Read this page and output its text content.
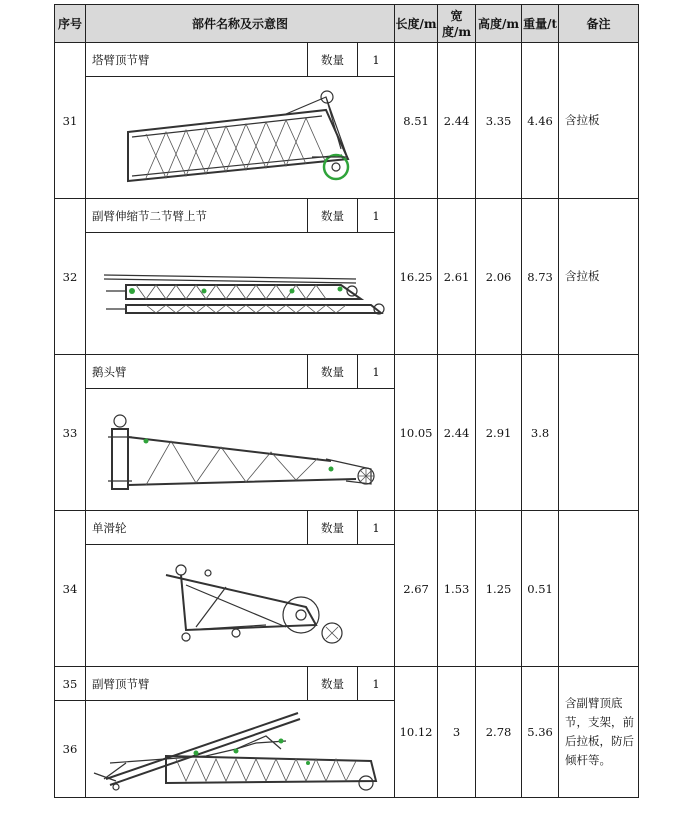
序号	部件名称及示意图			长度/m	宽度/m	高度/m	重量/t	备注
31	塔臂顶节臂	数量	1	8.51	2.44	3.35	4.46	含拉板

32	副臂伸缩节二节臂上节	数量	1	16.25	2.61	2.06	8.73	含拉板

33	鹅头臂	数量	1	10.05	2.44	2.91	3.8	

34	单滑轮	数量	1	2.67	1.53	1.25	0.51	

35	副臂顶节臂	数量	1	10.12	3	2.78	5.36	含副臂顶底节，支架，前后拉板，防后倾杆等。
36	
